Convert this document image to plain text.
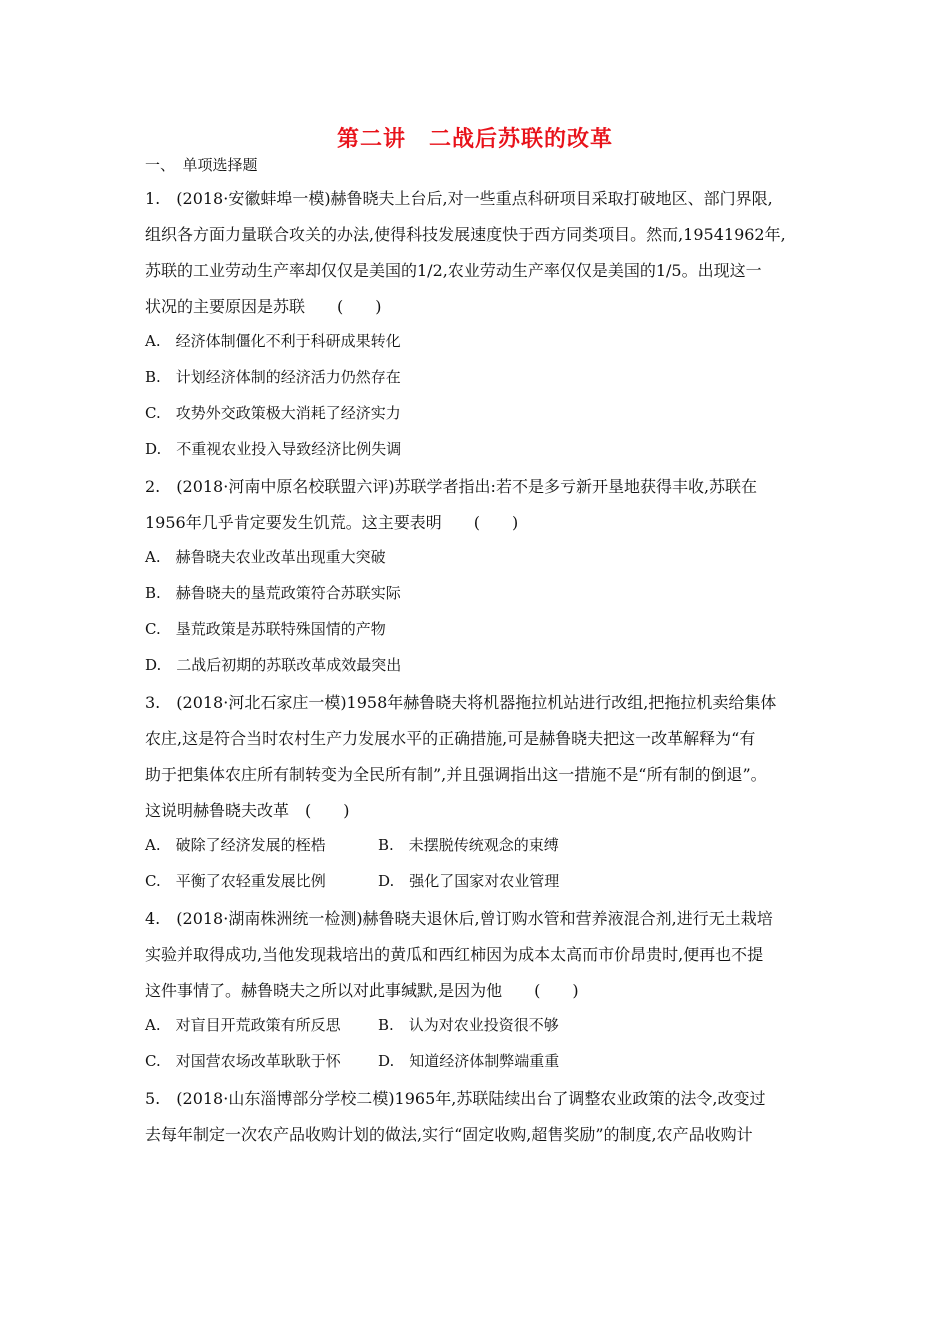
第二讲　二战后苏联的改革
一、　单项选择题
1.　(2018·安徽蚌埠一模)赫鲁晓夫上台后,对一些重点科研项目采取打破地区、部门界限,
组织各方面力量联合攻关的办法,使得科技发展速度快于西方同类项目。然而,19541962年,
苏联的工业劳动生产率却仅仅是美国的1/2,农业劳动生产率仅仅是美国的1/5。出现这一
状况的主要原因是苏联　　(　　)
A.　经济体制僵化不利于科研成果转化
B.　计划经济体制的经济活力仍然存在
C.　攻势外交政策极大消耗了经济实力
D.　不重视农业投入导致经济比例失调
2.　(2018·河南中原名校联盟六评)苏联学者指出:若不是多亏新开垦地获得丰收,苏联在
1956年几乎肯定要发生饥荒。这主要表明　　(　　)
A.　赫鲁晓夫农业改革出现重大突破
B.　赫鲁晓夫的垦荒政策符合苏联实际
C.　垦荒政策是苏联特殊国情的产物
D.　二战后初期的苏联改革成效最突出
3.　(2018·河北石家庄一模)1958年赫鲁晓夫将机器拖拉机站进行改组,把拖拉机卖给集体
农庄,这是符合当时农村生产力发展水平的正确措施,可是赫鲁晓夫把这一改革解释为“有
助于把集体农庄所有制转变为全民所有制”,并且强调指出这一措施不是“所有制的倒退”。
这说明赫鲁晓夫改革　(　　)
A.　破除了经济发展的桎梏	B.　未摆脱传统观念的束缚
C.　平衡了农轻重发展比例	D.　强化了国家对农业管理
4.　(2018·湖南株洲统一检测)赫鲁晓夫退休后,曾订购水管和营养液混合剂,进行无土栽培
实验并取得成功,当他发现栽培出的黄瓜和西红柿因为成本太高而市价昂贵时,便再也不提
这件事情了。赫鲁晓夫之所以对此事缄默,是因为他　　(　　)
A.　对盲目开荒政策有所反思 B.　认为对农业投资很不够
C.　对国营农场改革耿耿于怀 D.　知道经济体制弊端重重
5.　(2018·山东淄博部分学校二模)1965年,苏联陆续出台了调整农业政策的法令,改变过
去每年制定一次农产品收购计划的做法,实行“固定收购,超售奖励”的制度,农产品收购计
